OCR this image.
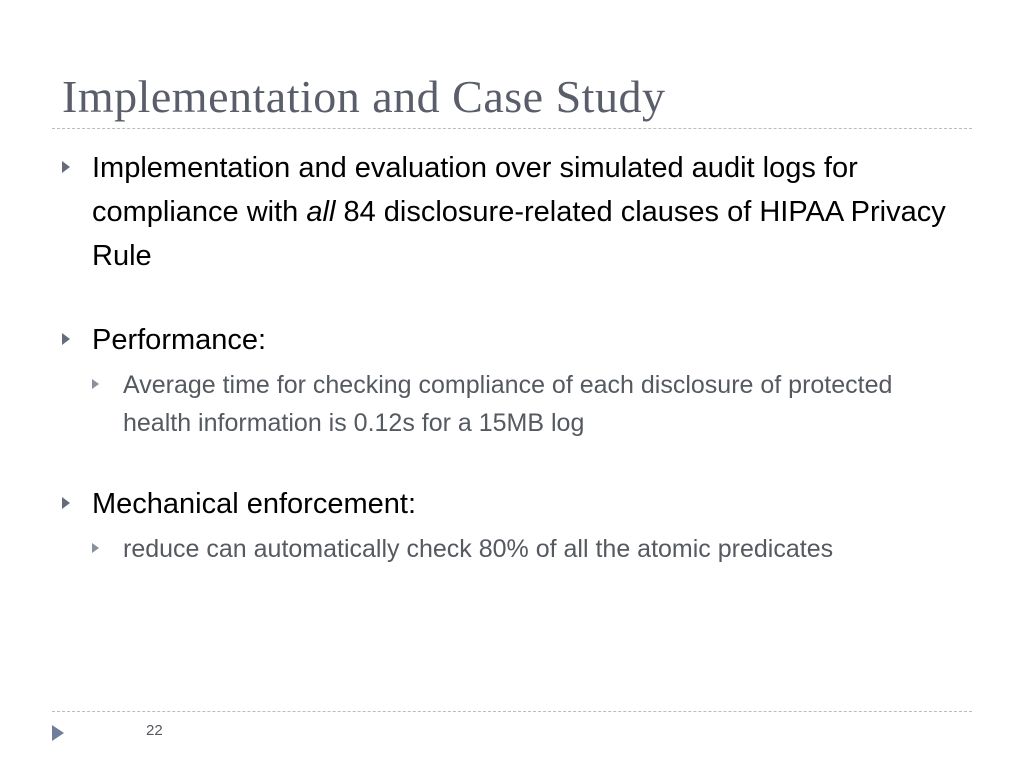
Implementation and Case Study
Implementation and evaluation over simulated audit logs for compliance with all 84 disclosure-related clauses of HIPAA Privacy Rule
Performance:
Average time for checking compliance of each disclosure of protected health information is 0.12s for a 15MB log
Mechanical enforcement:
reduce can automatically check 80% of all the atomic predicates
22
